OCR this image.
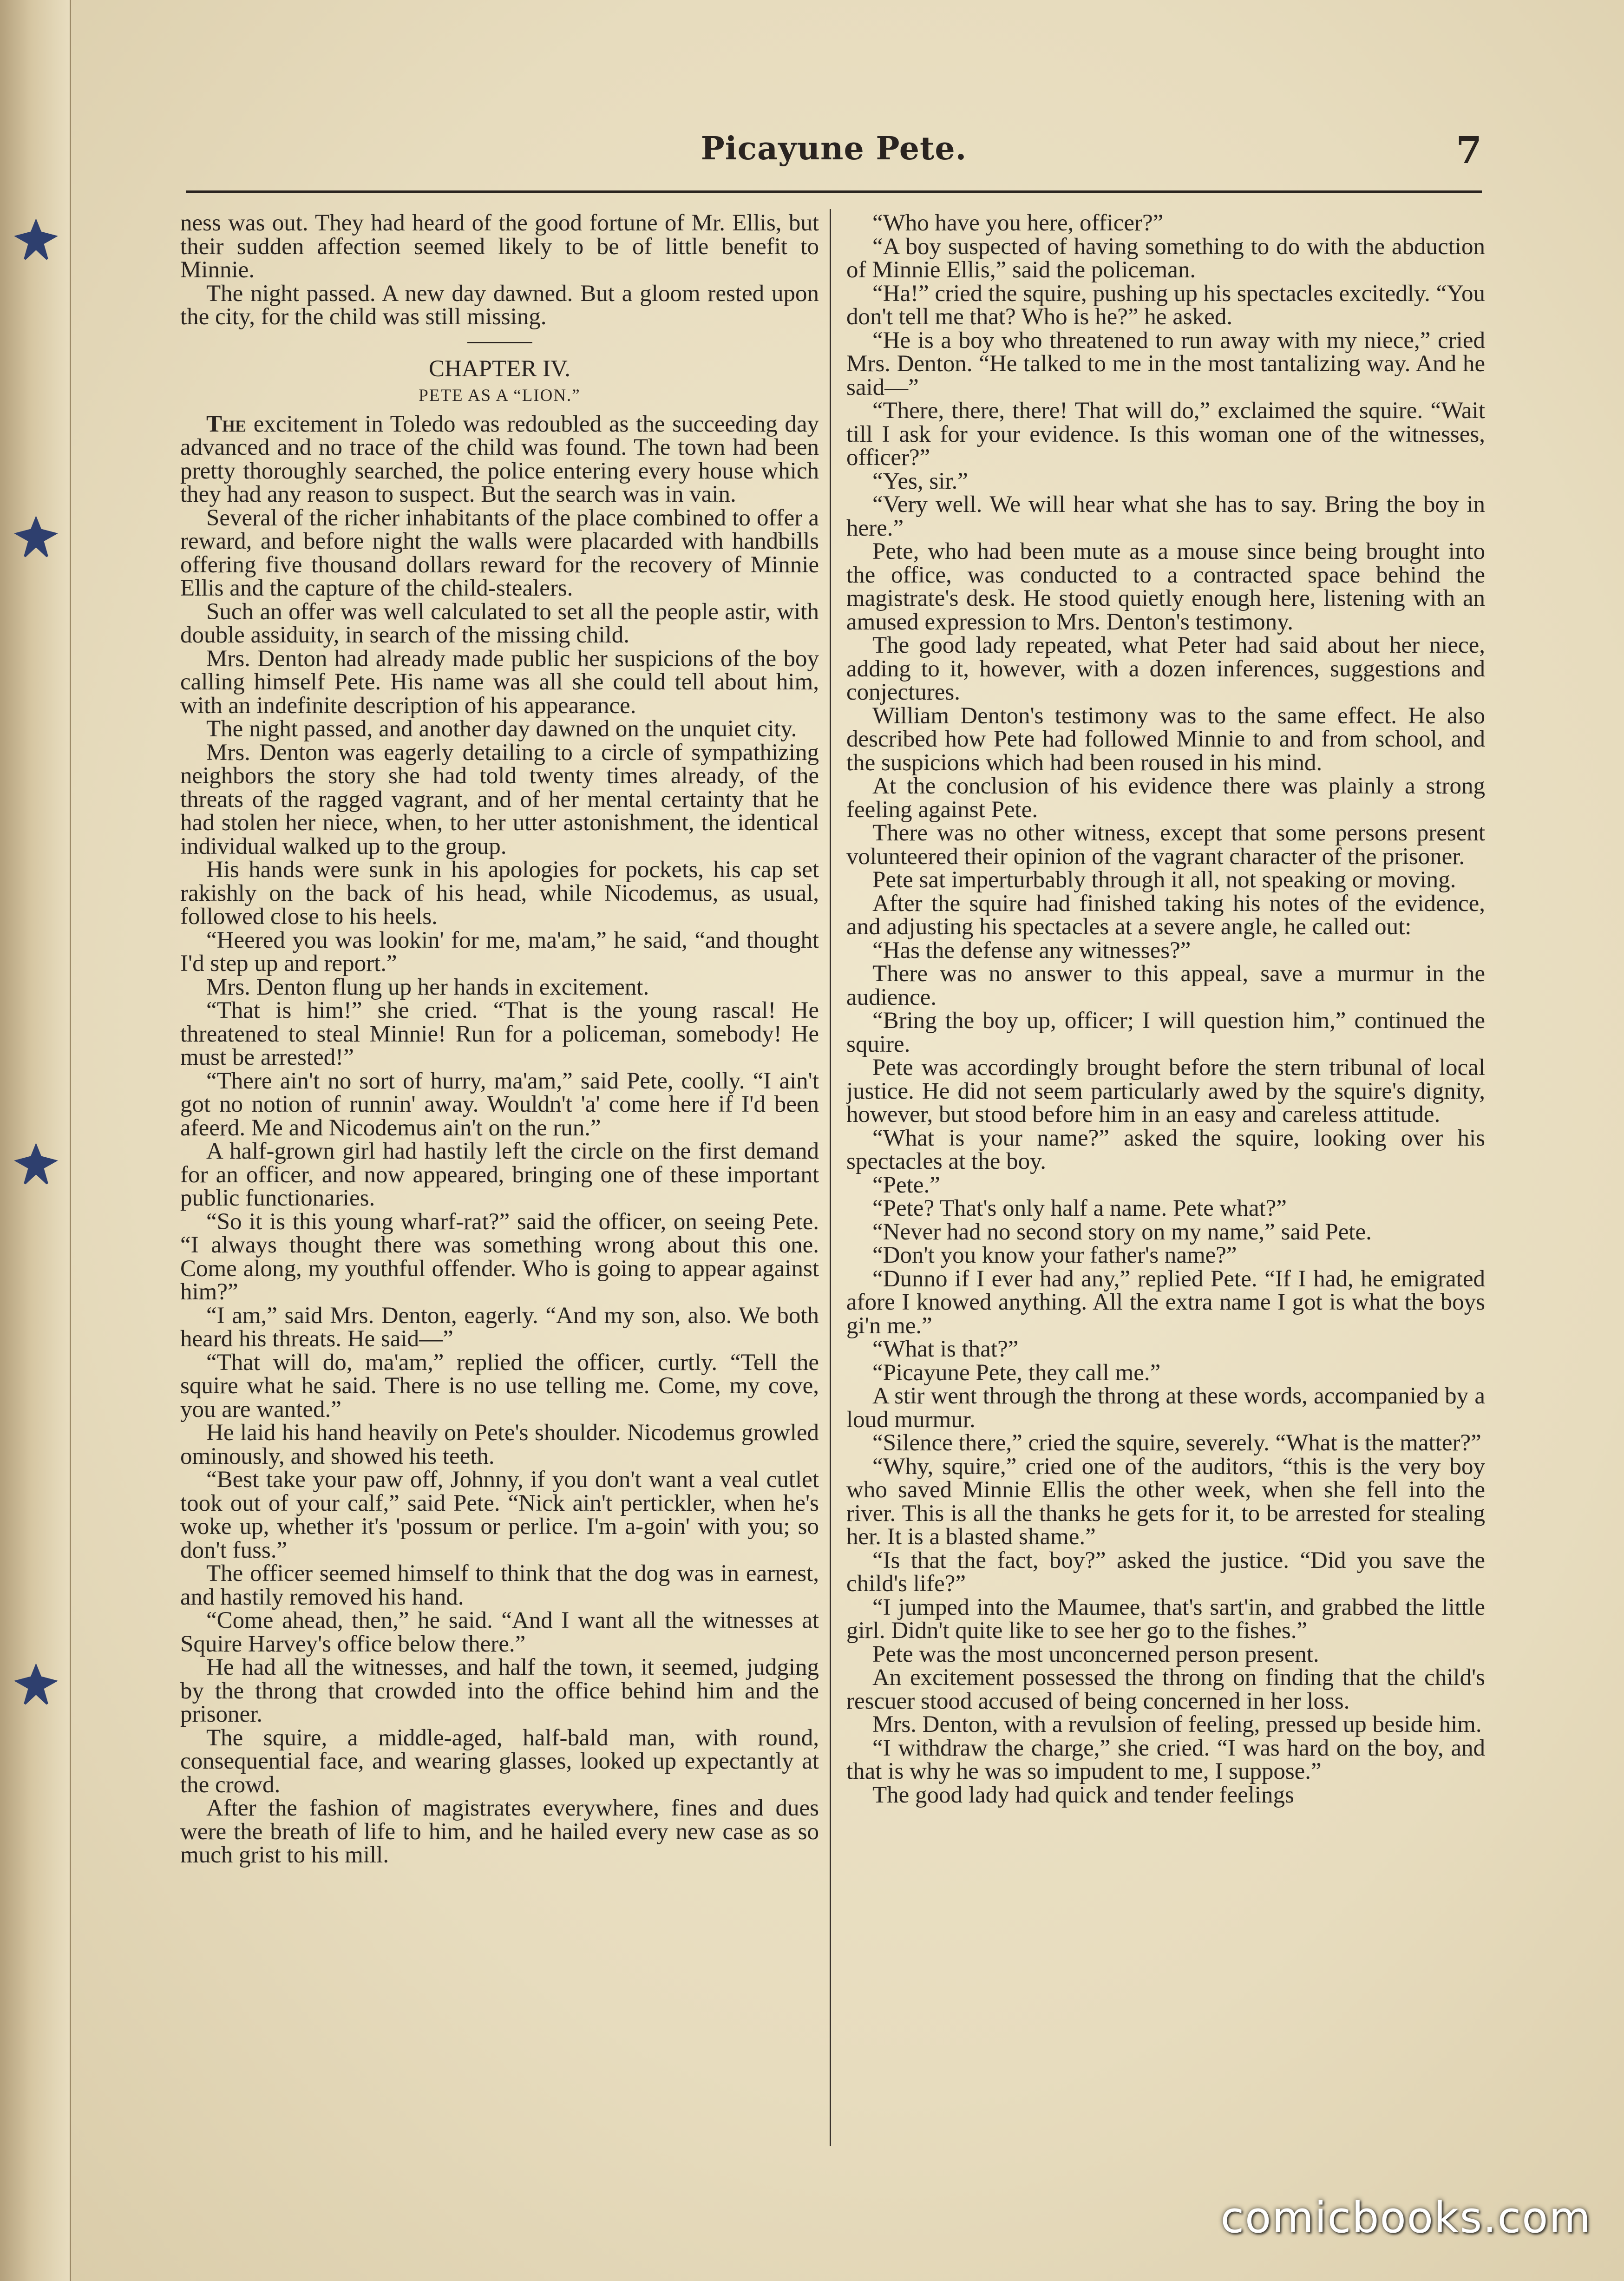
Picayune Pete.	7

ness was out. They had heard of the good fortune of Mr. Ellis, but their sudden affection seemed likely to be of little benefit to Minnie.

The night passed. A new day dawned. But a gloom rested upon the city, for the child was still missing.

CHAPTER IV.

PETE AS A “LION.”

The excitement in Toledo was redoubled as the succeeding day advanced and no trace of the child was found. The town had been pretty thoroughly searched, the police entering every house which they had any reason to suspect. But the search was in vain.

Several of the richer inhabitants of the place combined to offer a reward, and before night the walls were placarded with handbills offering five thousand dollars reward for the recovery of Minnie Ellis and the capture of the child-stealers.

Such an offer was well calculated to set all the people astir, with double assiduity, in search of the missing child.

Mrs. Denton had already made public her suspicions of the boy calling himself Pete. His name was all she could tell about him, with an indefinite description of his appearance.

The night passed, and another day dawned on the unquiet city.

Mrs. Denton was eagerly detailing to a circle of sympathizing neighbors the story she had told twenty times already, of the threats of the ragged vagrant, and of her mental certainty that he had stolen her niece, when, to her utter astonishment, the identical individual walked up to the group.

His hands were sunk in his apologies for pockets, his cap set rakishly on the back of his head, while Nicodemus, as usual, followed close to his heels.

“Heered you was lookin' for me, ma'am,” he said, “and thought I'd step up and report.”

Mrs. Denton flung up her hands in excitement.

“That is him!” she cried. “That is the young rascal! He threatened to steal Minnie! Run for a policeman, somebody! He must be arrested!”

“There ain't no sort of hurry, ma'am,” said Pete, coolly. “I ain't got no notion of runnin' away. Wouldn't 'a' come here if I'd been afeerd. Me and Nicodemus ain't on the run.”

A half-grown girl had hastily left the circle on the first demand for an officer, and now appeared, bringing one of these important public functionaries.

“So it is this young wharf-rat?” said the officer, on seeing Pete. “I always thought there was something wrong about this one. Come along, my youthful offender. Who is going to appear against him?”

“I am,” said Mrs. Denton, eagerly. “And my son, also. We both heard his threats. He said—”

“That will do, ma'am,” replied the officer, curtly. “Tell the squire what he said. There is no use telling me. Come, my cove, you are wanted.”

He laid his hand heavily on Pete's shoulder. Nicodemus growled ominously, and showed his teeth.

“Best take your paw off, Johnny, if you don't want a veal cutlet took out of your calf,” said Pete. “Nick ain't pertickler, when he's woke up, whether it's 'possum or perlice. I'm a-goin' with you; so don't fuss.”

The officer seemed himself to think that the dog was in earnest, and hastily removed his hand.

“Come ahead, then,” he said. “And I want all the witnesses at Squire Harvey's office below there.”

He had all the witnesses, and half the town, it seemed, judging by the throng that crowded into the office behind him and the prisoner.

The squire, a middle-aged, half-bald man, with round, consequential face, and wearing glasses, looked up expectantly at the crowd.

After the fashion of magistrates everywhere, fines and dues were the breath of life to him, and he hailed every new case as so much grist to his mill.

“Who have you here, officer?”

“A boy suspected of having something to do with the abduction of Minnie Ellis,” said the policeman.

“Ha!” cried the squire, pushing up his spectacles excitedly. “You don't tell me that? Who is he?” he asked.

“He is a boy who threatened to run away with my niece,” cried Mrs. Denton. “He talked to me in the most tantalizing way. And he said—”

“There, there, there! That will do,” exclaimed the squire. “Wait till I ask for your evidence. Is this woman one of the witnesses, officer?”

“Yes, sir.”

“Very well. We will hear what she has to say. Bring the boy in here.”

Pete, who had been mute as a mouse since being brought into the office, was conducted to a contracted space behind the magistrate's desk. He stood quietly enough here, listening with an amused expression to Mrs. Denton's testimony.

The good lady repeated, what Peter had said about her niece, adding to it, however, with a dozen inferences, suggestions and conjectures.

William Denton's testimony was to the same effect. He also described how Pete had followed Minnie to and from school, and the suspicions which had been roused in his mind.

At the conclusion of his evidence there was plainly a strong feeling against Pete.

There was no other witness, except that some persons present volunteered their opinion of the vagrant character of the prisoner.

Pete sat imperturbably through it all, not speaking or moving.

After the squire had finished taking his notes of the evidence, and adjusting his spectacles at a severe angle, he called out:

“Has the defense any witnesses?”

There was no answer to this appeal, save a murmur in the audience.

“Bring the boy up, officer; I will question him,” continued the squire.

Pete was accordingly brought before the stern tribunal of local justice. He did not seem particularly awed by the squire's dignity, however, but stood before him in an easy and careless attitude.

“What is your name?” asked the squire, looking over his spectacles at the boy.

“Pete.”

“Pete? That's only half a name. Pete what?”

“Never had no second story on my name,” said Pete.

“Don't you know your father's name?”

“Dunno if I ever had any,” replied Pete. “If I had, he emigrated afore I knowed anything. All the extra name I got is what the boys gi'n me.”

“What is that?”

“Picayune Pete, they call me.”

A stir went through the throng at these words, accompanied by a loud murmur.

“Silence there,” cried the squire, severely. “What is the matter?”

“Why, squire,” cried one of the auditors, “this is the very boy who saved Minnie Ellis the other week, when she fell into the river. This is all the thanks he gets for it, to be arrested for stealing her. It is a blasted shame.”

“Is that the fact, boy?” asked the justice. “Did you save the child's life?”

“I jumped into the Maumee, that's sart'in, and grabbed the little girl. Didn't quite like to see her go to the fishes.”

Pete was the most unconcerned person present.

An excitement possessed the throng on finding that the child's rescuer stood accused of being concerned in her loss.

Mrs. Denton, with a revulsion of feeling, pressed up beside him.

“I withdraw the charge,” she cried. “I was hard on the boy, and that is why he was so impudent to me, I suppose.”

The good lady had quick and tender feelings

comicbooks.com
